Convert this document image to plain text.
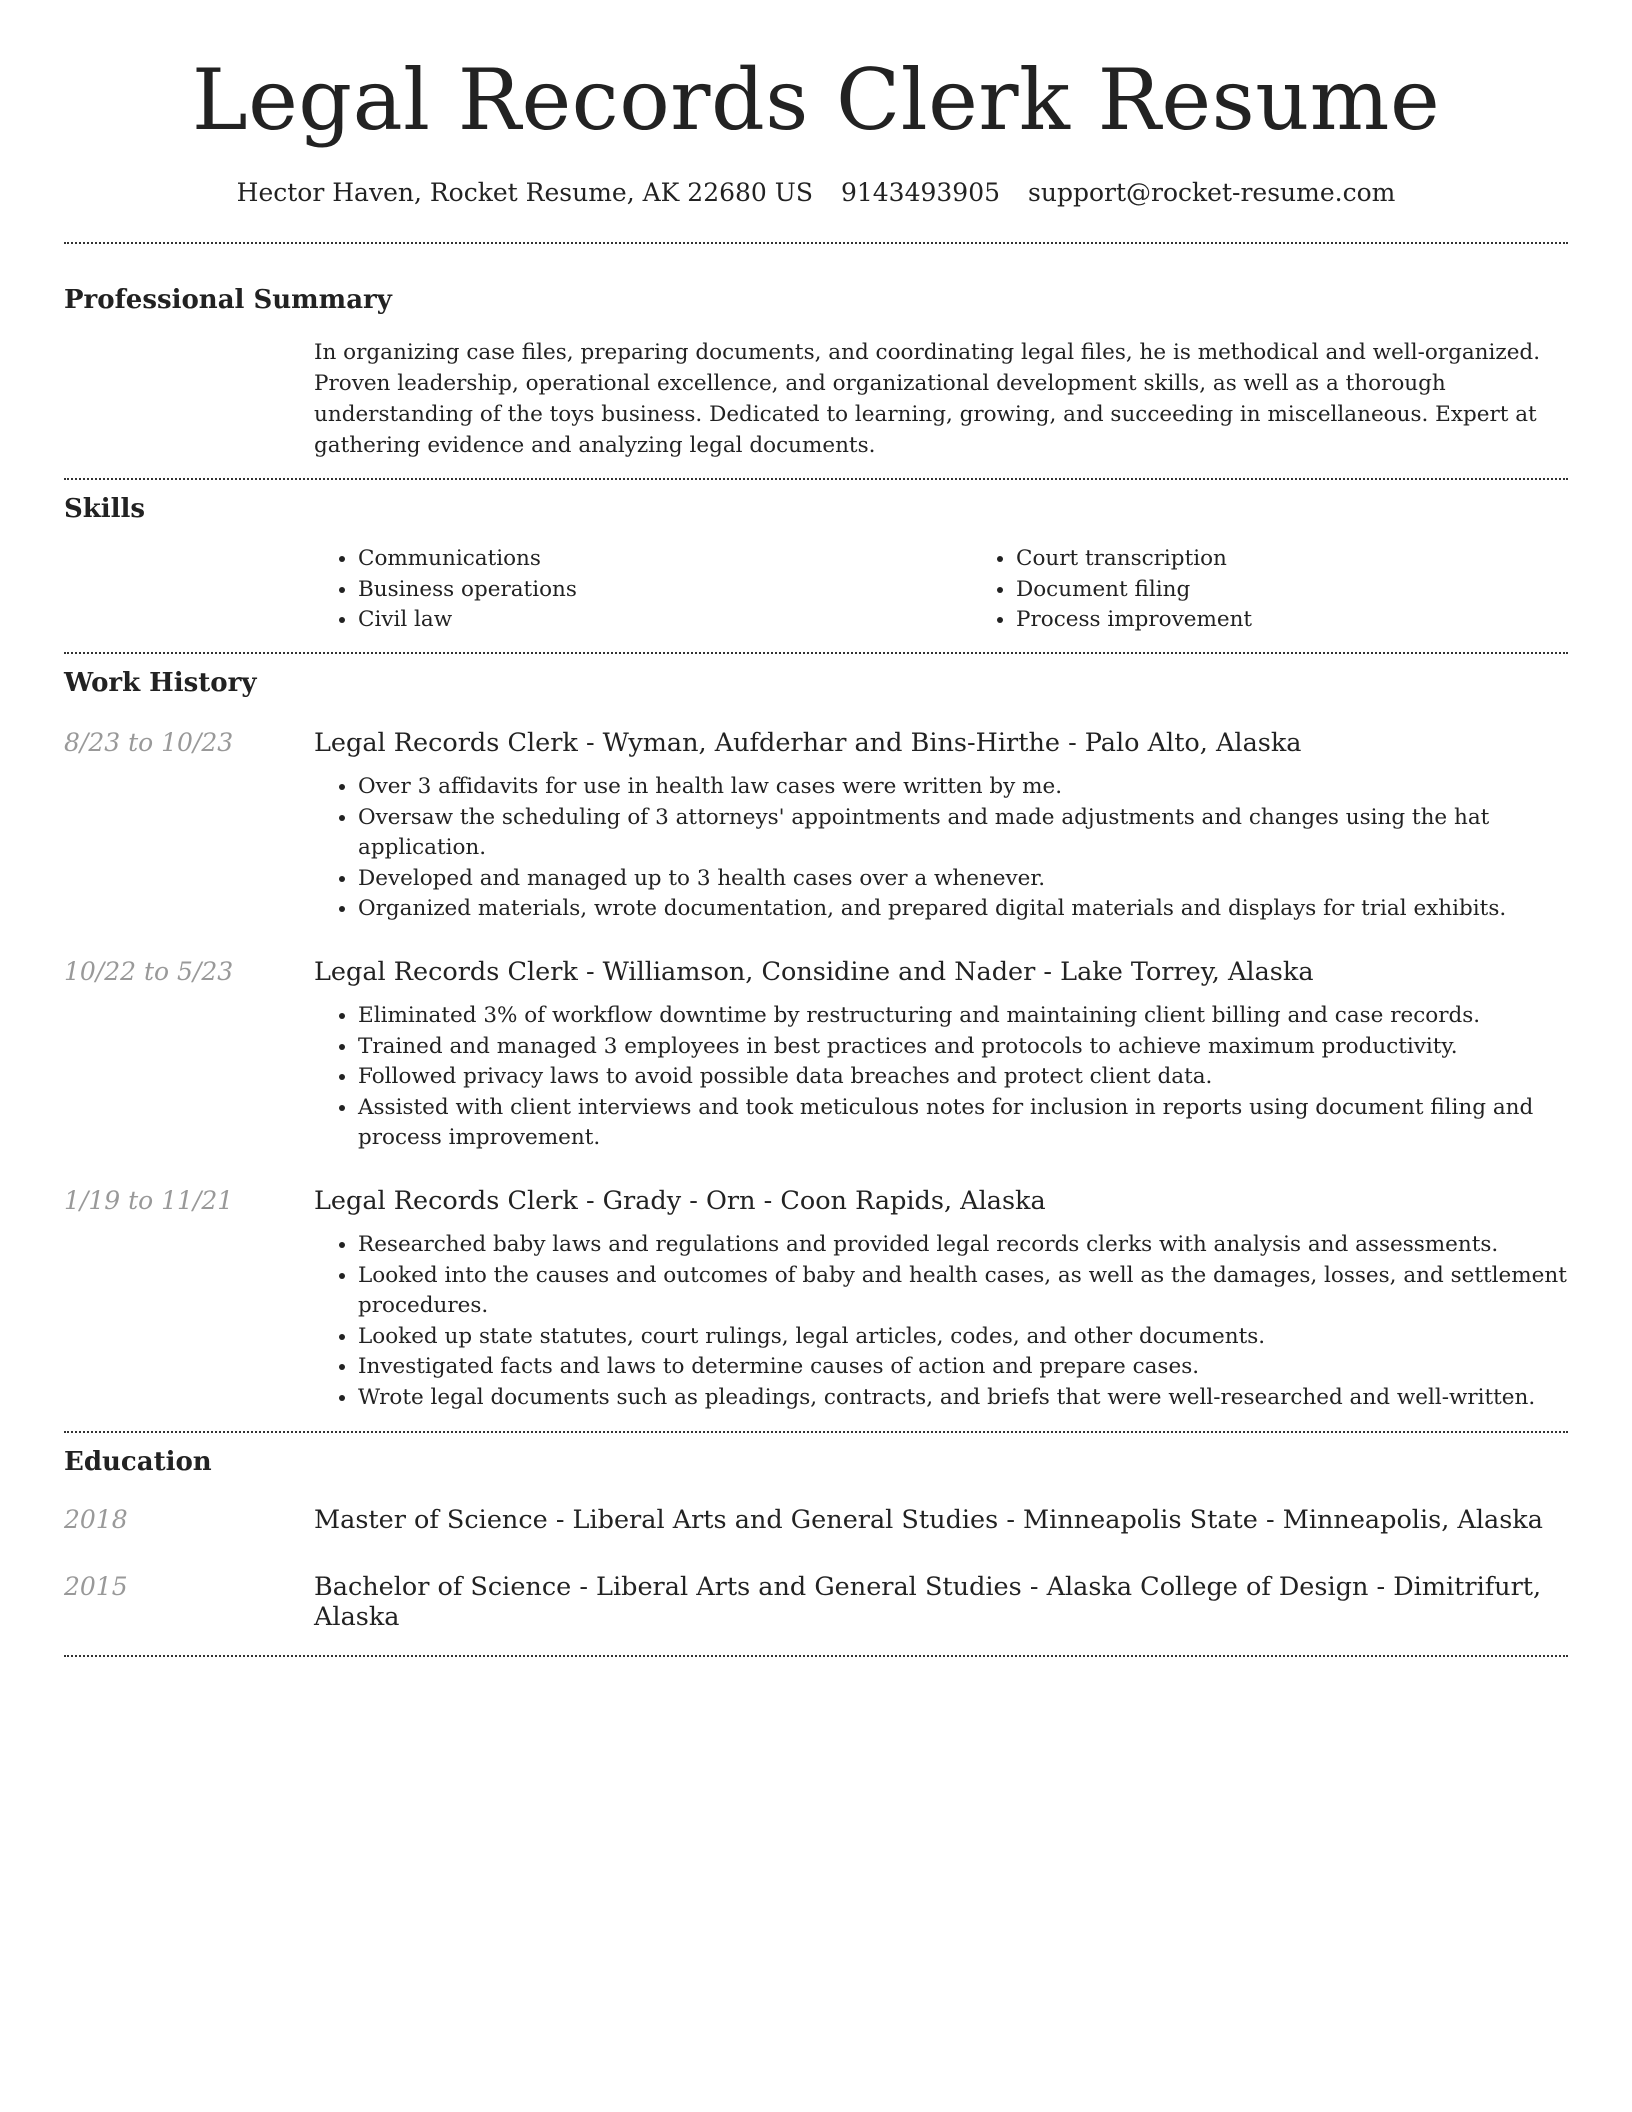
Legal Records Clerk Resume
Hector Haven, Rocket Resume, AK 22680 US 9143493905 support@rocket-resume.com
Professional Summary
In organizing case files, preparing documents, and coordinating legal files, he is methodical and well-organized. Proven leadership, operational excellence, and organizational development skills, as well as a thorough understanding of the toys business. Dedicated to learning, growing, and succeeding in miscellaneous. Expert at gathering evidence and analyzing legal documents.
Skills
• Communications
• Business operations
• Civil law
• Court transcription
• Document filing
• Process improvement
Work History
8/23 to 10/23	Legal Records Clerk - Wyman, Aufderhar and Bins-Hirthe - Palo Alto, Alaska
• Over 3 affidavits for use in health law cases were written by me.
• Oversaw the scheduling of 3 attorneys' appointments and made adjustments and changes using the hat application.
• Developed and managed up to 3 health cases over a whenever.
• Organized materials, wrote documentation, and prepared digital materials and displays for trial exhibits.
10/22 to 5/23	Legal Records Clerk - Williamson, Considine and Nader - Lake Torrey, Alaska
• Eliminated 3% of workflow downtime by restructuring and maintaining client billing and case records.
• Trained and managed 3 employees in best practices and protocols to achieve maximum productivity.
• Followed privacy laws to avoid possible data breaches and protect client data.
• Assisted with client interviews and took meticulous notes for inclusion in reports using document filing and process improvement.
1/19 to 11/21	Legal Records Clerk - Grady - Orn - Coon Rapids, Alaska
• Researched baby laws and regulations and provided legal records clerks with analysis and assessments.
• Looked into the causes and outcomes of baby and health cases, as well as the damages, losses, and settlement procedures.
• Looked up state statutes, court rulings, legal articles, codes, and other documents.
• Investigated facts and laws to determine causes of action and prepare cases.
• Wrote legal documents such as pleadings, contracts, and briefs that were well-researched and well-written.
Education
2018	Master of Science - Liberal Arts and General Studies - Minneapolis State - Minneapolis, Alaska
2015	Bachelor of Science - Liberal Arts and General Studies - Alaska College of Design - Dimitrifurt, Alaska
